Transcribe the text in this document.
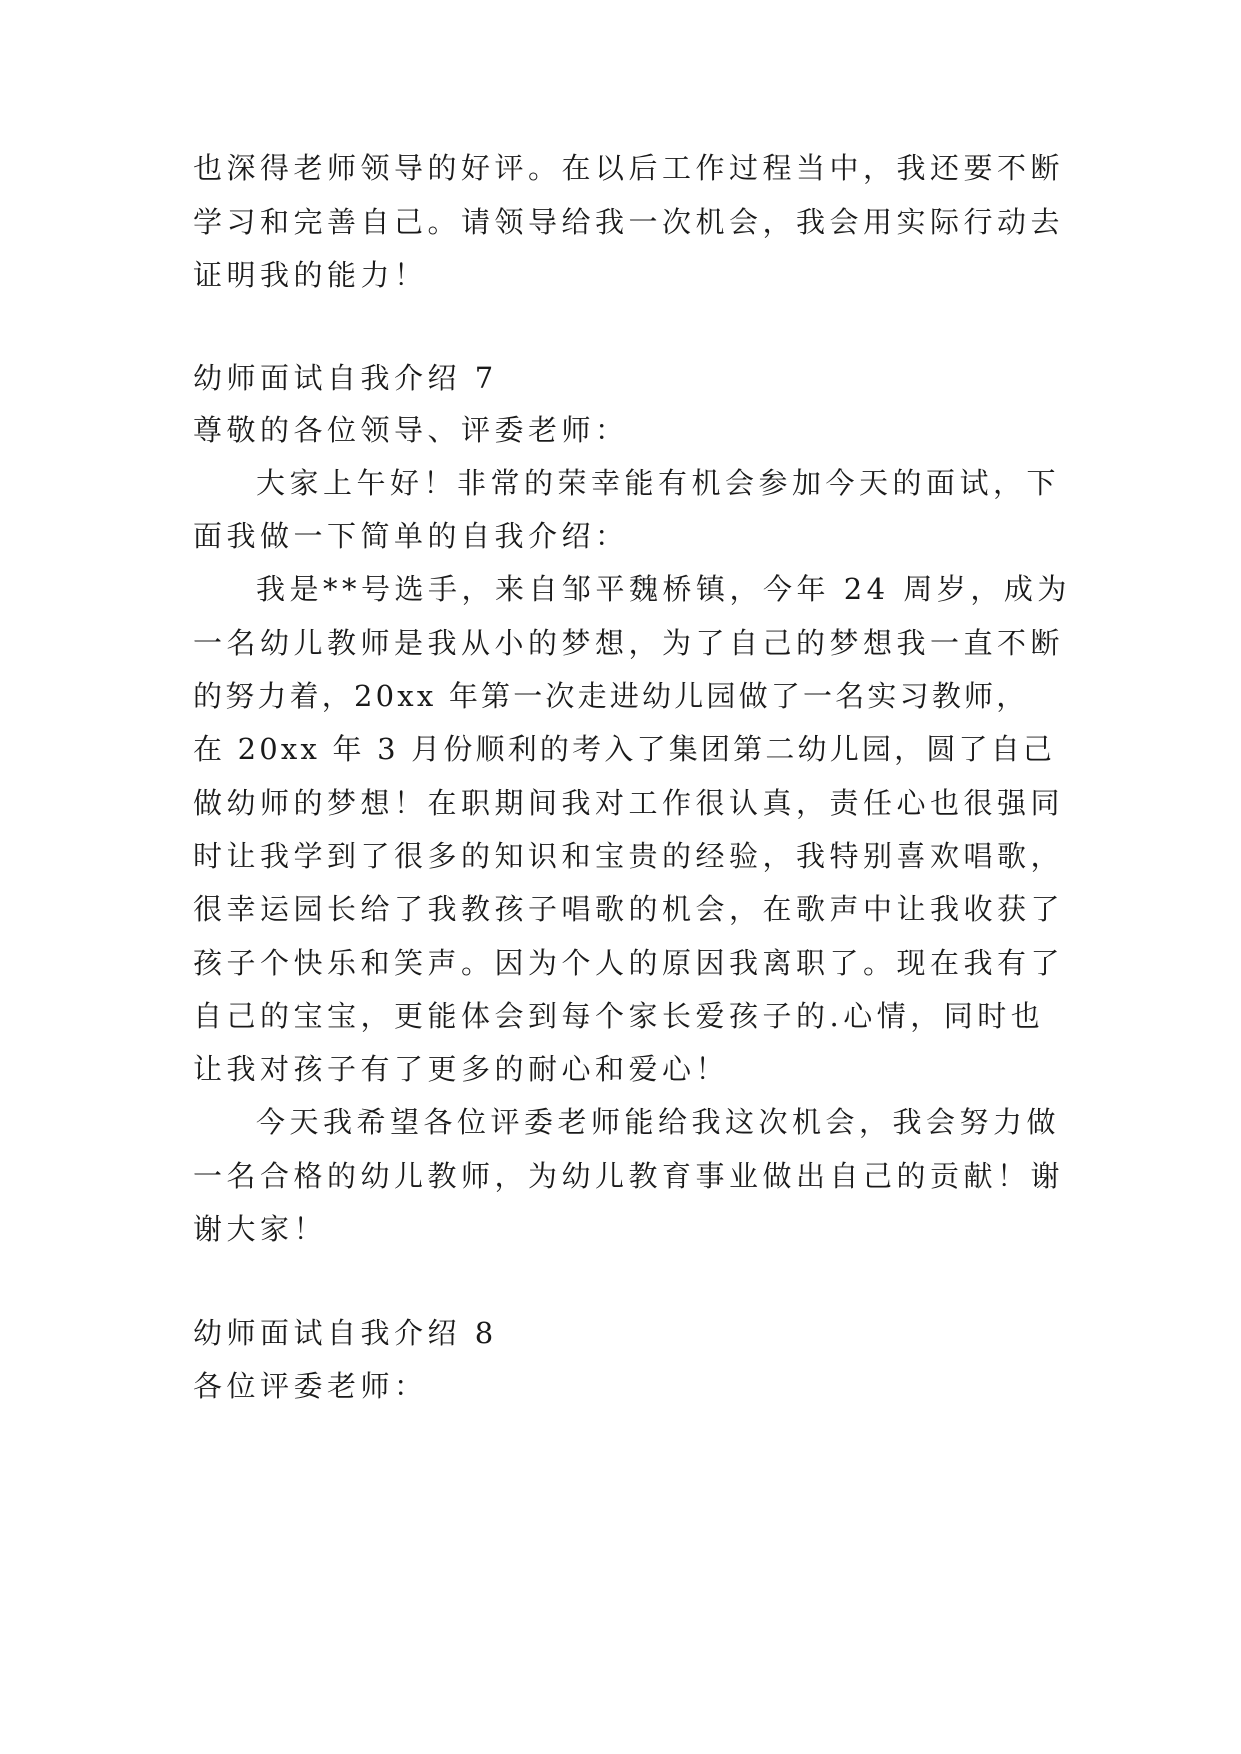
也深得老师领导的好评。在以后工作过程当中，我还要不断

学习和完善自己。请领导给我一次机会，我会用实际行动去

证明我的能力！

幼师面试自我介绍 7

尊敬的各位领导、评委老师：

大家上午好！非常的荣幸能有机会参加今天的面试，下

面我做一下简单的自我介绍：

我是**号选手，来自邹平魏桥镇，今年 24 周岁，成为

一名幼儿教师是我从小的梦想，为了自己的梦想我一直不断

的努力着，20xx 年第一次走进幼儿园做了一名实习教师，

在 20xx 年 3 月份顺利的考入了集团第二幼儿园，圆了自己

做幼师的梦想！在职期间我对工作很认真，责任心也很强同

时让我学到了很多的知识和宝贵的经验，我特别喜欢唱歌，

很幸运园长给了我教孩子唱歌的机会，在歌声中让我收获了

孩子个快乐和笑声。因为个人的原因我离职了。现在我有了

自己的宝宝，更能体会到每个家长爱孩子的.心情，同时也

让我对孩子有了更多的耐心和爱心！

今天我希望各位评委老师能给我这次机会，我会努力做

一名合格的幼儿教师，为幼儿教育事业做出自己的贡献！谢

谢大家！

幼师面试自我介绍 8

各位评委老师：
